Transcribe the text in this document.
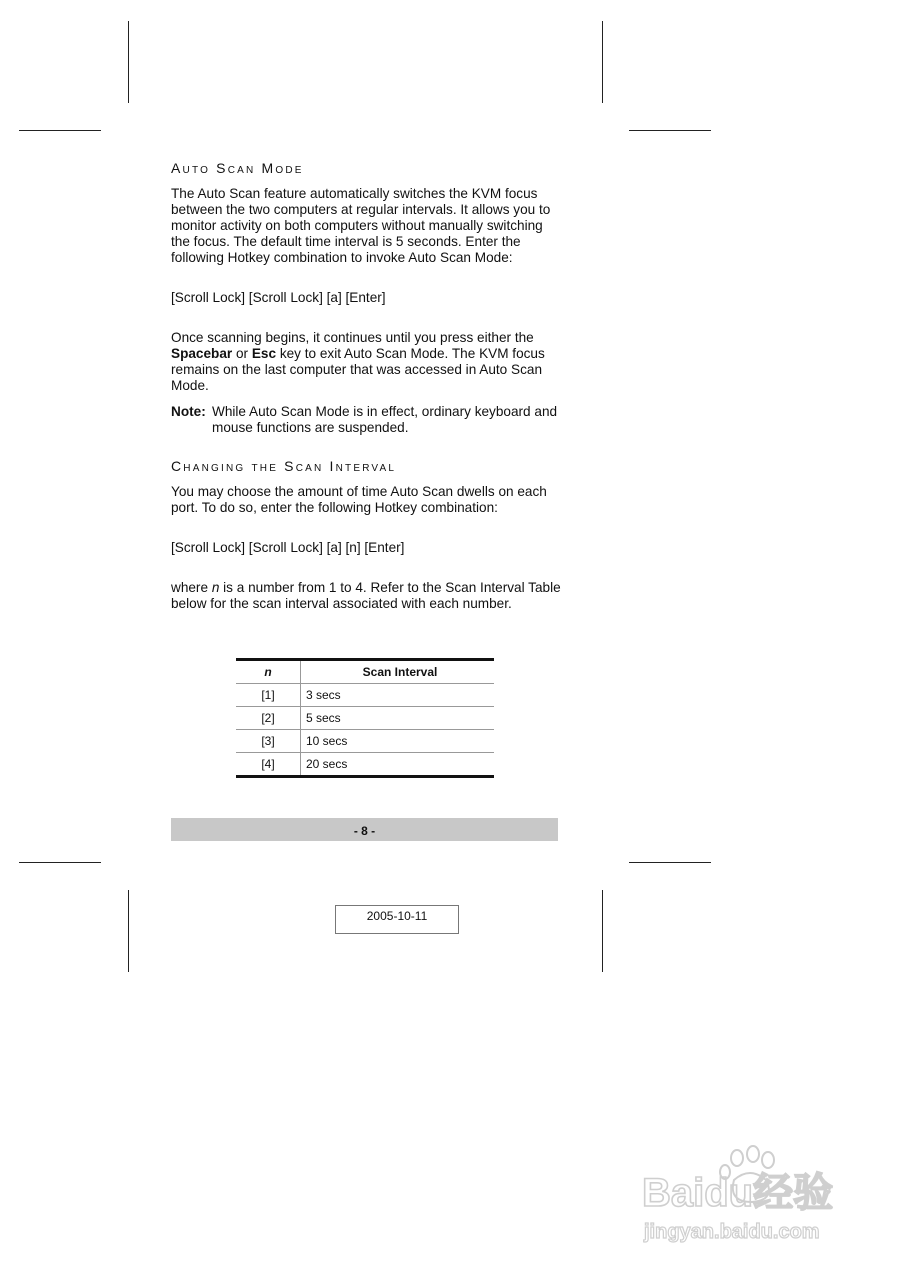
Auto Scan Mode

The Auto Scan feature automatically switches the KVM focus between the two computers at regular intervals. It allows you to monitor activity on both computers without manually switching the focus. The default time interval is 5 seconds. Enter the following Hotkey combination to invoke Auto Scan Mode:

[Scroll Lock] [Scroll Lock] [a] [Enter]

Once scanning begins, it continues until you press either the Spacebar or Esc key to exit Auto Scan Mode. The KVM focus remains on the last computer that was accessed in Auto Scan Mode.

Note: While Auto Scan Mode is in effect, ordinary keyboard and mouse functions are suspended.
Changing the Scan Interval

You may choose the amount of time Auto Scan dwells on each port. To do so, enter the following Hotkey combination:

[Scroll Lock] [Scroll Lock] [a] [n] [Enter]

where n is a number from 1 to 4. Refer to the Scan Interval Table below for the scan interval associated with each number.

n	Scan Interval
[1]	3 secs
[2]	5 secs
[3]	10 secs
[4]	20 secs
- 8 -
2005-10-11
Baidu经验
jingyan.baidu.com
